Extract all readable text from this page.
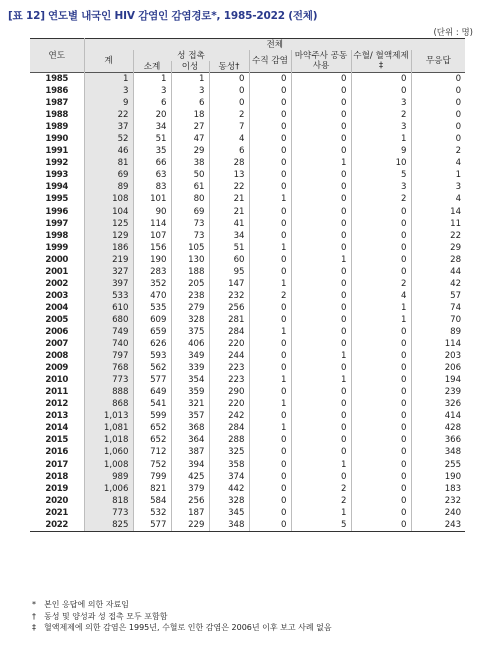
[표 12] 연도별 내국인 HIV 감염인 감염경로*, 1985-2022 (전체)
(단위 : 명)
연도	전체							
	계	성 접촉			수직 감염	마약주사 공동사용	수혈/ 혈액제제‡	무응답
		소계	이성	동성†				
1985	1	1	1	0	0	0	0	0
1986	3	3	3	0	0	0	0	0
1987	9	6	6	0	0	0	3	0
1988	22	20	18	2	0	0	2	0
1989	37	34	27	7	0	0	3	0
1990	52	51	47	4	0	0	1	0
1991	46	35	29	6	0	0	9	2
1992	81	66	38	28	0	1	10	4
1993	69	63	50	13	0	0	5	1
1994	89	83	61	22	0	0	3	3
1995	108	101	80	21	1	0	2	4
1996	104	90	69	21	0	0	0	14
1997	125	114	73	41	0	0	0	11
1998	129	107	73	34	0	0	0	22
1999	186	156	105	51	1	0	0	29
2000	219	190	130	60	0	1	0	28
2001	327	283	188	95	0	0	0	44
2002	397	352	205	147	1	0	2	42
2003	533	470	238	232	2	0	4	57
2004	610	535	279	256	0	0	1	74
2005	680	609	328	281	0	0	1	70
2006	749	659	375	284	1	0	0	89
2007	740	626	406	220	0	0	0	114
2008	797	593	349	244	0	1	0	203
2009	768	562	339	223	0	0	0	206
2010	773	577	354	223	1	1	0	194
2011	888	649	359	290	0	0	0	239
2012	868	541	321	220	1	0	0	326
2013	1,013	599	357	242	0	0	0	414
2014	1,081	652	368	284	1	0	0	428
2015	1,018	652	364	288	0	0	0	366
2016	1,060	712	387	325	0	0	0	348
2017	1,008	752	394	358	0	1	0	255
2018	989	799	425	374	0	0	0	190
2019	1,006	821	379	442	0	2	0	183
2020	818	584	256	328	0	2	0	232
2021	773	532	187	345	0	1	0	240
2022	825	577	229	348	0	5	0	243
* 본인 응답에 의한 자료임
† 동성 및 양성과 성 접촉 모두 포함함
‡ 혈액제제에 의한 감염은 1995년, 수혈로 인한 감염은 2006년 이후 보고 사례 없음
